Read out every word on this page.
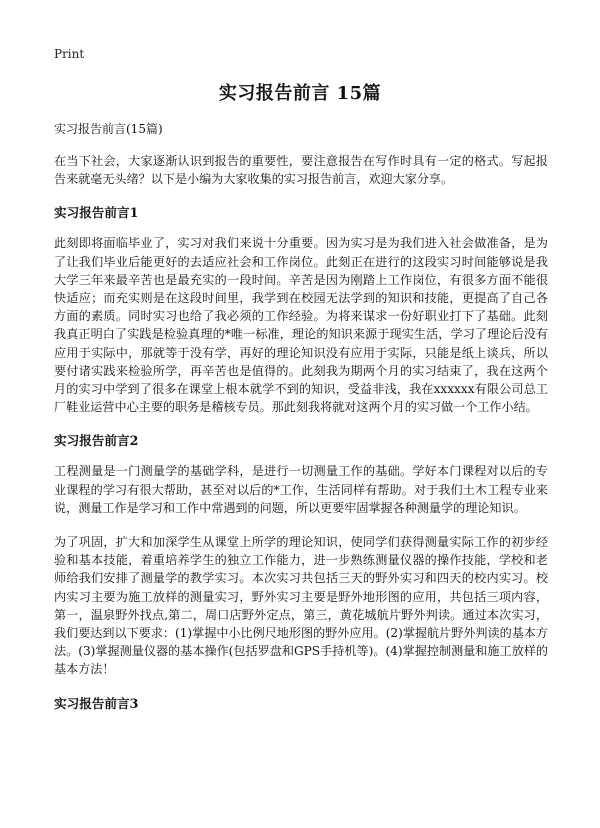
Print
实习报告前言 15篇
实习报告前言(15篇)

在当下社会，大家逐渐认识到报告的重要性，要注意报告在写作时具有一定的格式。写起报告来就毫无头绪？以下是小编为大家收集的实习报告前言，欢迎大家分享。

实习报告前言1

此刻即将面临毕业了，实习对我们来说十分重要。因为实习是为我们进入社会做准备，是为了让我们毕业后能更好的去适应社会和工作岗位。此刻正在进行的这段实习时间能够说是我大学三年来最辛苦也是最充实的一段时间。辛苦是因为刚踏上工作岗位，有很多方面不能很快适应；而充实则是在这段时间里，我学到在校园无法学到的知识和技能，更提高了自己各方面的素质。同时实习也给了我必须的工作经验。为将来谋求一份好职业打下了基础。此刻我真正明白了实践是检验真理的*唯一标准，理论的知识来源于现实生活，学习了理论后没有应用于实际中，那就等于没有学，再好的理论知识没有应用于实际，只能是纸上谈兵，所以要付诸实践来检验所学，再辛苦也是值得的。此刻我为期两个月的实习结束了，我在这两个月的实习中学到了很多在课堂上根本就学不到的知识，受益非浅，我在xxxxxx有限公司总工厂鞋业运营中心主要的职务是稽核专员。那此刻我将就对这两个月的实习做一个工作小结。

实习报告前言2

工程测量是一门测量学的基础学科，是进行一切测量工作的基础。学好本门课程对以后的专业课程的学习有很大帮助，甚至对以后的*工作，生活同样有帮助。对于我们土木工程专业来说，测量工作是学习和工作中常遇到的问题，所以更要牢固掌握各种测量学的理论知识。

为了巩固，扩大和加深学生从课堂上所学的理论知识，使同学们获得测量实际工作的初步经验和基本技能，着重培养学生的独立工作能力，进一步熟练测量仪器的操作技能，学校和老师给我们安排了测量学的教学实习。本次实习共包括三天的野外实习和四天的校内实习。校内实习主要为施工放样的测量实习，野外实习主要是野外地形图的应用，共包括三项内容，第一，温泉野外找点,第二，周口店野外定点，第三，黄花城航片野外判读。通过本次实习，我们要达到以下要求：(1)掌握中小比例尺地形图的野外应用。(2)掌握航片野外判读的基本方法。(3)掌握测量仪器的基本操作(包括罗盘和GPS手持机等)。(4)掌握控制测量和施工放样的基本方法！

实习报告前言3
